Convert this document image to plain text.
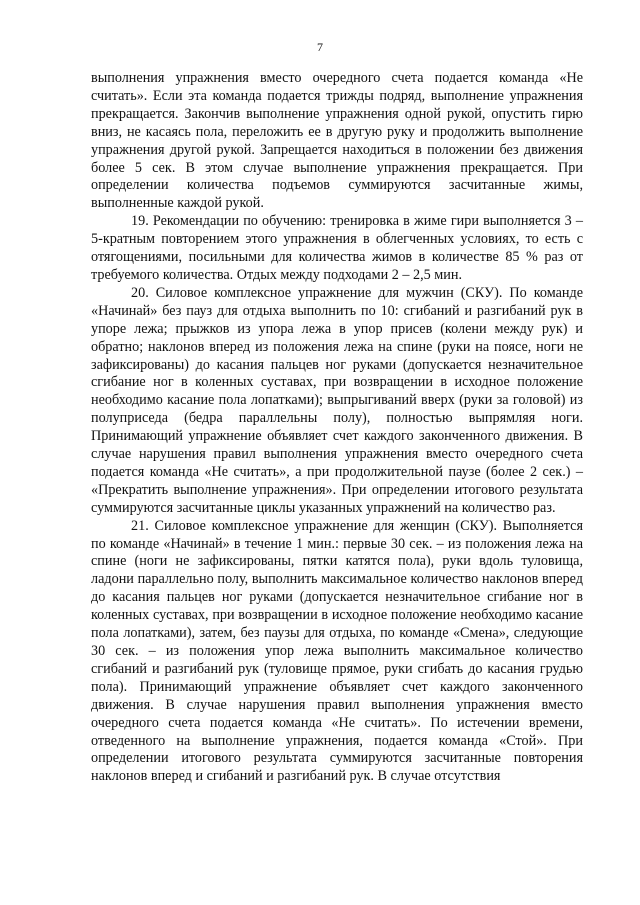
7

выполнения упражнения вместо очередного счета подается команда «Не считать». Если эта команда подается трижды подряд, выполнение упражнения прекращается. Закончив выполнение упражнения одной рукой, опустить гирю вниз, не касаясь пола, переложить ее в другую руку и продолжить выполнение упражнения другой рукой. Запрещается находиться в положении без движения более 5 сек. В этом случае выполнение упражнения прекращается. При определении количества подъемов суммируются засчитанные жимы, выполненные каждой рукой.

19. Рекомендации по обучению: тренировка в жиме гири выполняется 3 – 5-кратным повторением этого упражнения в облегченных условиях, то есть с отягощениями, посильными для количества жимов в количестве 85 % раз от требуемого количества. Отдых между подходами 2 – 2,5 мин.

20. Силовое комплексное упражнение для мужчин (СКУ). По команде «Начинай» без пауз для отдыха выполнить по 10: сгибаний и разгибаний рук в упоре лежа; прыжков из упора лежа в упор присев (колени между рук) и обратно; наклонов вперед из положения лежа на спине (руки на поясе, ноги не зафиксированы) до касания пальцев ног руками (допускается незначительное сгибание ног в коленных суставах, при возвращении в исходное положение необходимо касание пола лопатками); выпрыгиваний вверх (руки за головой) из полуприседа (бедра параллельны полу), полностью выпрямляя ноги. Принимающий упражнение объявляет счет каждого законченного движения. В случае нарушения правил выполнения упражнения вместо очередного счета подается команда «Не считать», а при продолжительной паузе (более 2 сек.) – «Прекратить выполнение упражнения». При определении итогового результата суммируются засчитанные циклы указанных упражнений на количество раз.

21. Силовое комплексное упражнение для женщин (СКУ). Выполняется по команде «Начинай» в течение 1 мин.: первые 30 сек. – из положения лежа на спине (ноги не зафиксированы, пятки катятся пола), руки вдоль туловища, ладони параллельно полу, выполнить максимальное количество наклонов вперед до касания пальцев ног руками (допускается незначительное сгибание ног в коленных суставах, при возвращении в исходное положение необходимо касание пола лопатками), затем, без паузы для отдыха, по команде «Смена», следующие 30 сек. – из положения упор лежа выполнить максимальное количество сгибаний и разгибаний рук (туловище прямое, руки сгибать до касания грудью пола). Принимающий упражнение объявляет счет каждого законченного движения. В случае нарушения правил выполнения упражнения вместо очередного счета подается команда «Не считать». По истечении времени, отведенного на выполнение упражнения, подается команда «Стой». При определении итогового результата суммируются засчитанные повторения наклонов вперед и сгибаний и разгибаний рук. В случае отсутствия
